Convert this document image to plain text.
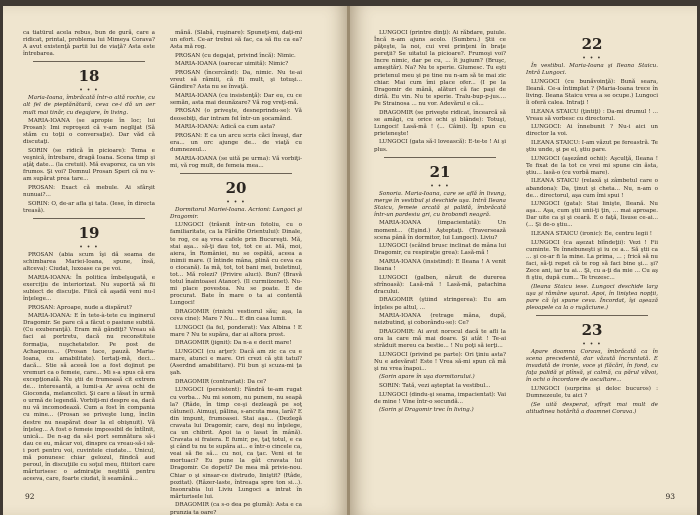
ca tiatürul acela rebus, bun de gură, care a ridicat, printal, problema lui Mimeya Corava? A avut existenţă partii lui de viaţă? Asta este întrebarea.

18
• • •

Maria-Ioana, îmbrăcată într-o altă rochie, cu alt fel de pieptănătură, ceva ce-i dă un aer mult mai tinăr, cu degajare, în living.

MARIA-IOANA (se apropie în loc; lui Prosan): Imi reproşezi că v-am neglijat (Să stăm cu toţii o conversaţie). Dar văd că discutaţi.

SORIN (se ridică în picioare): Tema e veşnică, întrebare, dragă Ioana. Scena timp şi aţâţ date... (la cretuii). Mă evaporez, ca un vis frumos. Şi voi? Domnul Prosan Speri că nu v-am supărat prea tare...

PROSAN: Exact că mebule. Ai sfârşit nunuai?...

SORIN: O, de-ar afla şi tata. (Iese, în directa treasă).

19
• • •

PROSAN (abia scum îşi dă seama de schimbarea Mariei-Ioana, spune, însă, altceva): Ciudat, luxoase ca pe voi.

MARIA-IOANA: În politica îmbelşugată, e exerciţiu de interiorizat. Nu suportă să fii subiect de discuţie. Fiică că aşadă veni nu-l înţelege...

PROSAN: Aproape, nude a dispărut?

MARIA-IOANA: E în tete-à-tete cu inginerul Dragomir. Se pare că a făcut o pasiune subită. (Cu exuberanţă). Eram mă gândiţi? Vreau să faci ai portretu, dacă nu reconstituie formaţia, nuşchetatelor. Pe post de Achaqueus... (Prosan tace, pauză. Maria-Ioana, cu amabilitate). Iertaţi-mă, deci... dacă... Stie să aceeă loe a fost dojinut pe vremuri ca o femeie, care... Mi s-a spus că era excepţională. Nu ştii de frumoasă cit extrem de... interesantă, a lumii-a Ar avea ochi de Gioconda, melancolici. Şi care a lăsat în urmă o urmă de legendă. Vorbiţi-mi despre ea, dacă nu vă incomodează. Cum a fost în compania cu mine... (Prosan se priveşte lung, înclin destre nu neapărat doar la el obişnuit). Vă înţeleg... A fost o femeie impossibil de întîlnit, unică... De n-ag da să-i port semnătura să-i dau ce eu, măcar voi, dinspre ca vreau-să-i să-i port pentru voi, cuvintele ciudate... Unicul, mă ponunesc chiar gelozul, fiindcă aud peroul, în discuţiile cu soţul meu, fitiitori care mărturisesc o admiraţie neştiită pentru aceeva, care, foarte ciudat, îi seamănă...

mănă. (Slabă, ruşinare): Spuneţi-mi, daţi-mi un efort. Ce-ar trebui să fac, ca să fiu ca ea? Asta mă rog.

PROSAN (cu degajat, privind încă): Nimic.

MARIA-IOANA (oarecar uimită): Nimic?

PROSAN (încercând): Da, nimic. Nu te-ai vreut să rămiii, că fii mult, şi totuşi... Gândire? Asta nu se învaţă.

MARIA-IOANA (cu insistenţă): Dar eu, cu ce semăn, asta mai deunăzare? Vă rog vreţi-mă.

PROSAN (o priveşte, desneprindu-se): Vă deosebiţi, dar intram fel într-un şocamănd.

MARIA-IOANA: Adică ca cum asta?

PROSAN: E ca un arcu scris căci însuşi, dar era... un orc ajunge de... de viaţă cu dumnezeul...

MARIA-IOANA (se uită pe urma): Vă vorbiţi-mi, vă rog mult, de femeia mea...

20
• • •

Dormitorul Mariei-Ioana. Acrioni: Lungoci şi Dragomir.

LUNGOCI (trăsnit într-un fotoliu, cu o familiaritate, ca la Fărăfie Orientului): Dinale, te rog, ce aş vrea cafele prin Bucureşti. Mă, stai aşa... să-ţi dau tot, tot ce ai. Mă, moi, aiera, în României, nu se ospătă, aceea a inimii mare. (I întinde mâna, plină cu ceva ca o ciocană). Ia mă, tot, tot bani mei, buletinul, tot... Mă rolezi? (Privire aluci). Bun? (Bravă totul înaintoasei Atanor). (Il curmiizenet). Nu-mi place povestea. Nu se poate. E de procurat. Bate în mare o ta ai contentă Lungoci!

DRAGOMIR (rinichi vestiorul său; aşa, la ceva cine): Mare ? Nu... E din casa lumii.

LUNGOCI (la fel, ponderat): Vax Albina ! E mare ? Nu te supăra, dar ai altora prost.

DRAGOMIR (jignit): Da n-a e decit mare!

LUNGOCI (cu arţer): Dacă am zic ca cu e mare, atunci e mare. Ori crezi că ştii tatul? (Aserdnd amabilitare). Fii bun şi scuza-mi ţa şah.

DRAGOMIR (contrariat): Da ce?

LUNGOCI (persistent): Făndră te-am rugat cu vorba... Nu mi sonom, nu punem, nu seapă la? (Râde, în timp ce-şi dezleagă pe soţ cătunei). Aimuşi, pălina, s-ancuta mea, lară? E din impunt, frumoasei. Stai aşa... (Dezlegă cravata lui Dragomir, care, deşi nu înţelege, ca un chibrit. Apoi ia o lasat în mână). Cravata si fraiera. E fumir, pe, ţaţ totul, e ca şi când tu nu te supăra ai... e într-o cincele ca, veai să fie să... cu noi, ca ţac. Veni ei te mortuaci? Eu pune la gât cravata lui Dragomir. Ce dopeti? De mea mă privie-nou. Chiar o şi sinsar-ce distrudo, liniştit? (Râde, pozitat). (Râzer-laste, întreaga spre ton si...). Insonrabia lui Liviu Lungoci a intrat în mărturisele lui.

DRAGOMIR (ca s-o dea pe glumă): Asta e ca prunzia ta oare?

92

LUNGOCI (printre dinţi): Ai răbdare, puiule. Încă n-am ajuns acolo. (Sumbru.) Ştii ce păţeşte, la noi, cui vrei prinţeni în braţe pereţii? Se uitatul la picioare?. Frumoşi voi? Incre nimic, dar pe cu, ... ît jugium? (Bruşc, ameşităr). Na? Nu te sperie. Glumesc. Tu eşti prietenul meu şi pe tine nu n-am să te mai zic chiar. Mai cum îmi place ofer... (I pe la Dragomir de mână, alături că fac paşi de dirlă. Eu vin. Nu te sperie. Tralu-bup-p-jus.... Pe Strainosa ... nu vor. Adevărul e că...

DRAGOMIR (se priveşte ridicat, încearcă să se amăgi, cu orice ochi şi blânde): Totuşi, Lungoci! Lasă-mă ! (... Câini). Îţi spun cu prieteneşte!

LUNGOCI (gata să-l lovească): E-te-te ! Ai şi plus.

21
• • •

Sonoria. Maria-Ioana, care se află în livung, merge în vestibul şi deschide uşa. Intră Ileana Staicu, femeie arcată şi palidă, îmbrăcată într-un pardesiu gri, cu brobondi neagră.

MARIA-IOANA (impacientată): Un moment... (Eşind.) Aşteptaţi. (Traversează scena până în dormitor, lui Lungoci). Liviu?

LUNGOCI (scâlnd brusc inclinat de mâna lui Dragomir, cu respiraţie grea): Lasă-mă !

MARIA-IOANA (insistind): E Ileana ! A venit Ileana !

LUNGOCI (galben, năruit de durerea sfrînoasă): Lasă-mă ! Lasă-mă, patachina dracului.

DRAGOMIR (ştiind stringerea): Eu am înţeles pe altul, ...

MARIA-IOANA (retrage mâna, după, neizbutind, şi coborându-se): Ce?

DRAGOMIR: Ai avut norocul dacă te afli la ora la care mă mai doare. Şi atât ! Te-ai străduit mereu ca bestie... ! Nu poţi să ierţi...

LUNGOCI (privind pe parte): Ori ţiniu asta? Nu e adevărat! Este ! Vrea să-mi spun că mă şi nu vrea înapoi...

(Sorin apare în uşa dormitorului.)

SORIN: Tată, vezi aşteptat la vestibul...

LUNGOCI (dindu-şi seama, impacientat): Vai de mine ! Vine într-o secundă...

(Sorin şi Dragomir trec în living.)

22
• • •

În vestibul. Maria-Ioana şi Ileana Staicu. Intră Lungoci.

LUNGOCI (cu bunăvoinţă): Bună seara, Ileană. Ce-a întimplat ? (Maria-Ioana trece în living. Ileana Staicu vrea a se ocupe.) Lungoci îi oferă calea. Intraţi !

ILEANA STAICU (ţintiţi) : Da-mi drumul ! ... Vreau să vorbesc cu directorul.

LUNGOCI: Ai înnebunit ? Nu-i aici un director la voi.

ILEANA STAICU: I-am văzut pe fereastră. Te ştiu unde, şi pe el, ştiu pare.

LUNGOCI (aşezând ochii): Aşculţă, Ileana ! Te fixat de la tot ce vrei mi spune cin ăsta, ştiu... lasă-o (cu vorbă mare).

ILEANA STAICU (relaxă şi zâmbetul care o abandona): Da, ţinut şi cheta... Nu, n-am o de... directorul, aşa cum îmi spui !

LUNGOCI (gata): Stai linişte, Ileană. Nu aşa... Aşa, cum ştii unii-ţi ţin, ... mai aproape. Dar uite ca şi şi ceară. E o faţă, Iisuse ce-ai... (... Şi de-o ştiu...

ILEANA STAICU (ironic): Ee, centru legii !

LUNGOCI (ca aşezat blîndeţii): Vezi ! Fii cuminte. Te înnebuneşti şi iu ce a... Să ştii ca ... şi ce-ar fi la mine. La prima, ... ; frică să nu faci, să-ţi repet că te rog să faci bine şi... şi? Zece ani, iar tu ai... Şi, cu a-ţi da mie ... Cu aş fi ştiu, după cum... Te trezesc...

(Ileana Staicu iese. Lungoci deschide larg uşa şi rămâne uşurat. Apoi, în liniştea nopţii, pare că îşi spune ceva. Încordat, îşi aşează pleoapele ca la o rugăciune.)

23
• • •

Apare doamna Corava, îmbrăcată ca în scena precedentă, dar văzută încruntată. E invadată de ironie, voce şi flăcări, în fond, cu faţa palidă şi plînsă, şi calmă, cu părul vîlvoi, în ochi o încordare de ascultare...

LUNGOCI (surprins şi deloc bucuros) : Dumnezeule, tu aici ?

(Se uită desperat, sfîrşit mai mult de atitudinea hotărîtă a doamnei Corava.)

93
